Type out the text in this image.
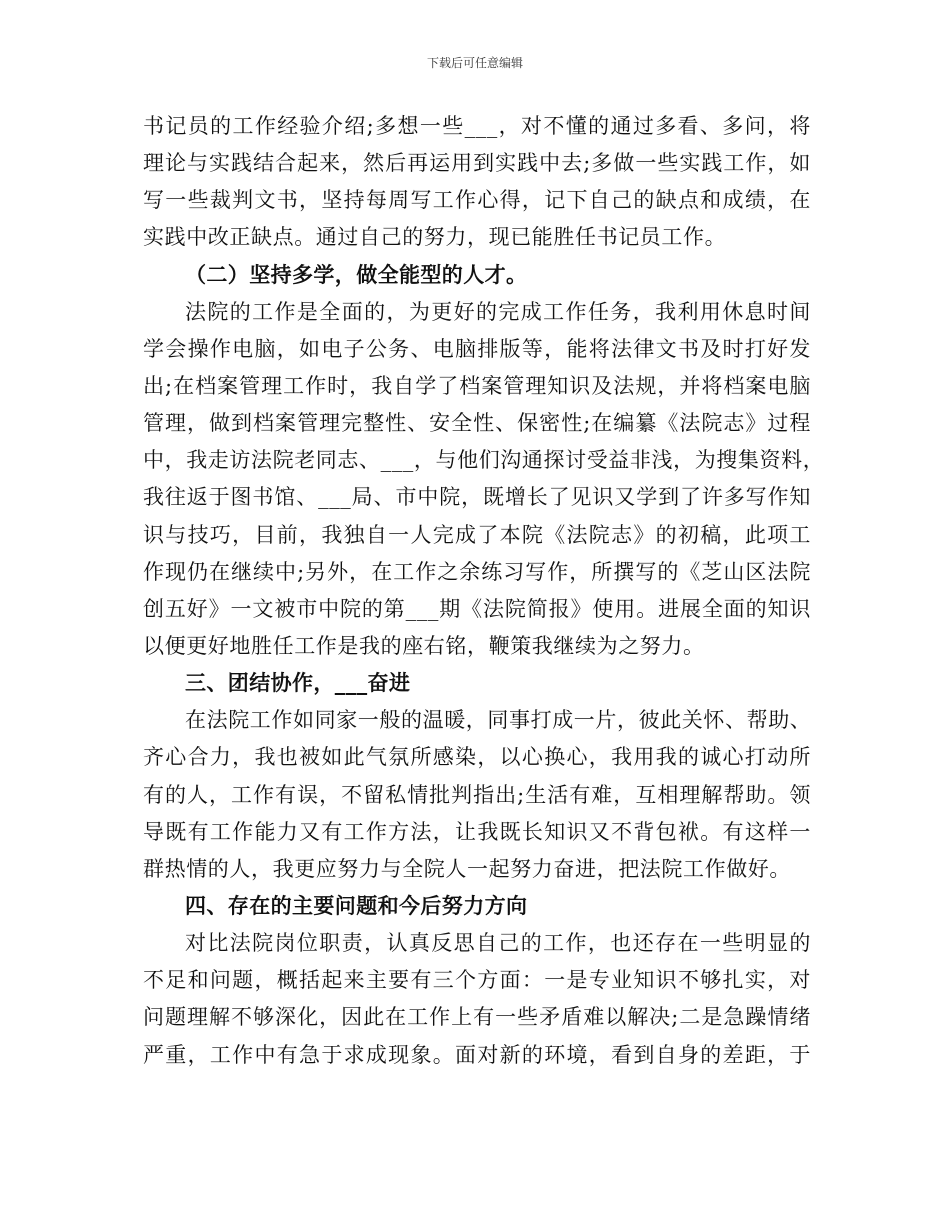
下载后可任意编辑
书记员的工作经验介绍;多想一些___，对不懂的通过多看、多问，将
理论与实践结合起来，然后再运用到实践中去;多做一些实践工作，如
写一些裁判文书，坚持每周写工作心得，记下自己的缺点和成绩，在
实践中改正缺点。通过自己的努力，现已能胜任书记员工作。
（二）坚持多学，做全能型的人才。
法院的工作是全面的，为更好的完成工作任务，我利用休息时间
学会操作电脑，如电子公务、电脑排版等，能将法律文书及时打好发
出;在档案管理工作时，我自学了档案管理知识及法规，并将档案电脑
管理，做到档案管理完整性、安全性、保密性;在编纂《法院志》过程
中，我走访法院老同志、___，与他们沟通探讨受益非浅，为搜集资料，
我往返于图书馆、___局、市中院，既增长了见识又学到了许多写作知
识与技巧，目前，我独自一人完成了本院《法院志》的初稿，此项工
作现仍在继续中;另外，在工作之余练习写作，所撰写的《芝山区法院
创五好》一文被市中院的第___期《法院简报》使用。进展全面的知识
以便更好地胜任工作是我的座右铭，鞭策我继续为之努力。
三、团结协作，___奋进
在法院工作如同家一般的温暖，同事打成一片，彼此关怀、帮助、
齐心合力，我也被如此气氛所感染，以心换心，我用我的诚心打动所
有的人，工作有误，不留私情批判指出;生活有难，互相理解帮助。领
导既有工作能力又有工作方法，让我既长知识又不背包袱。有这样一
群热情的人，我更应努力与全院人一起努力奋进，把法院工作做好。
四、存在的主要问题和今后努力方向
对比法院岗位职责，认真反思自己的工作，也还存在一些明显的
不足和问题，概括起来主要有三个方面：一是专业知识不够扎实，对
问题理解不够深化，因此在工作上有一些矛盾难以解决;二是急躁情绪
严重，工作中有急于求成现象。面对新的环境，看到自身的差距，于
